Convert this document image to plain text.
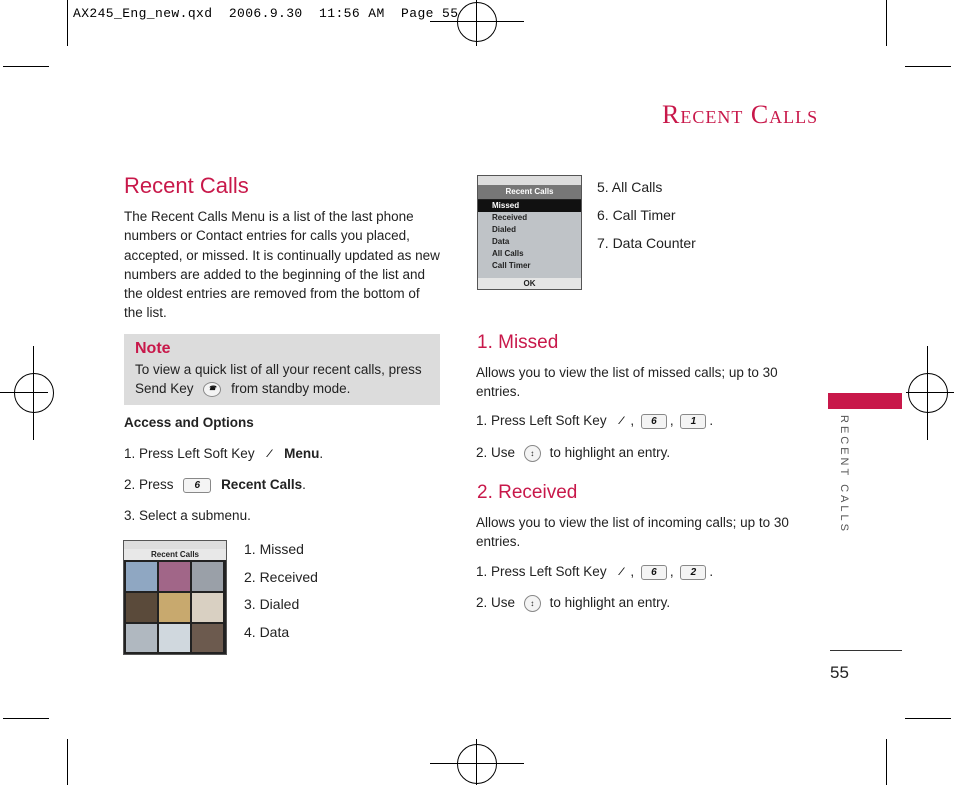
AX245_Eng_new.qxd  2006.9.30  11:56 AM  Page 55
Recent Calls
Recent Calls
The Recent Calls Menu is a list of the last phone
numbers or Contact entries for calls you placed,
accepted, or missed. It is continually updated as new
numbers are added to the beginning of the list and
the oldest entries are removed from the bottom of
the list.
Note
To view a quick list of all your recent calls, press
Send Key	☎ from standby mode.
Access and Options
1. Press Left Soft Key ⁄ Menu.
2. Press 6 Recent Calls.
3. Select a submenu.
Recent Calls	1. Missed
2. Received
3. Dialed
4. Data
Recent Calls
Missed
Received
Dialed
Data
All Calls
Call Timer
OK
5. All Calls
6. Call Timer
7. Data Counter
1. Missed
Allows you to view the list of missed calls; up to 30
entries.
1. Press Left Soft Key ⁄ , 6 , 1 .
2. Use ↕ to highlight an entry.
2. Received
Allows you to view the list of incoming calls; up to 30
entries.
1. Press Left Soft Key ⁄ , 6 , 2 .
2. Use ↕ to highlight an entry.
RECENT CALLS
55
